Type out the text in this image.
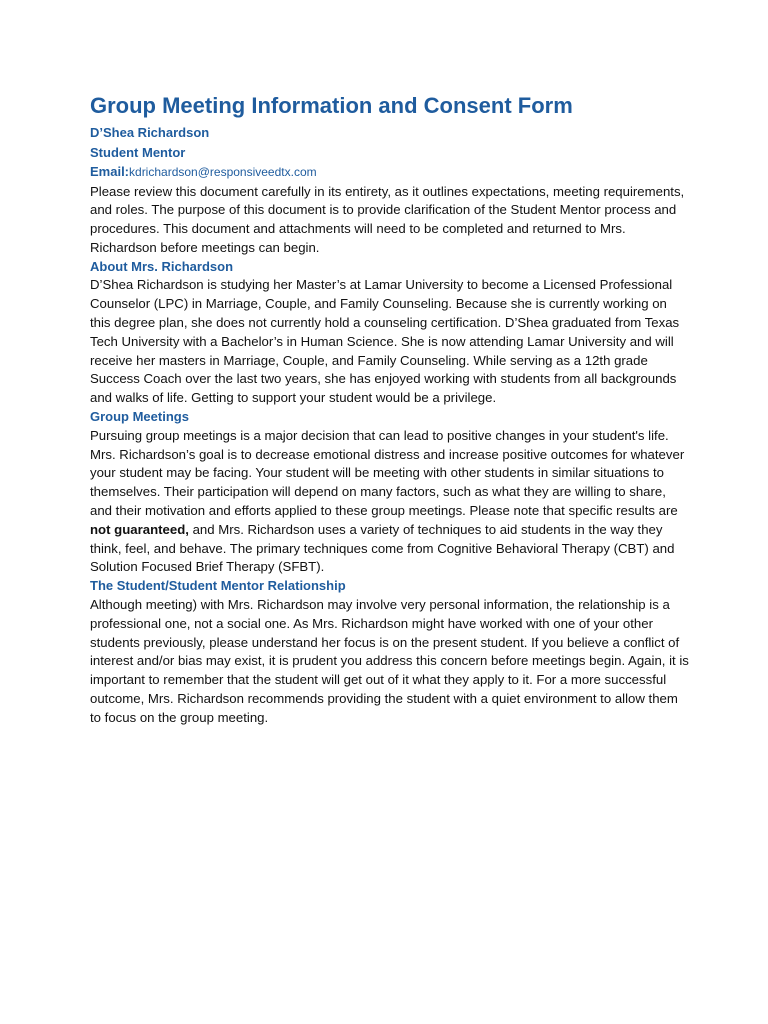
Group Meeting Information and Consent Form
D’Shea Richardson
Student Mentor
Email:kdrichardson@responsiveedtx.com

Please review this document carefully in its entirety, as it outlines expectations, meeting requirements, and roles. The purpose of this document is to provide clarification of the Student Mentor process and procedures. This document and attachments will need to be completed and returned to Mrs. Richardson before meetings can begin.

About Mrs. Richardson

D’Shea Richardson is studying her Master’s at Lamar University to become a Licensed Professional Counselor (LPC) in Marriage, Couple, and Family Counseling. Because she is currently working on this degree plan, she does not currently hold a counseling certification. D’Shea graduated from Texas Tech University with a Bachelor’s in Human Science. She is now attending Lamar University and will receive her masters in Marriage, Couple, and Family Counseling. While serving as a 12th grade Success Coach over the last two years, she has enjoyed working with students from all backgrounds and walks of life. Getting to support your student would be a privilege.

Group Meetings

Pursuing group meetings is a major decision that can lead to positive changes in your student's life. Mrs. Richardson’s goal is to decrease emotional distress and increase positive outcomes for whatever your student may be facing. Your student will be meeting with other students in similar situations to themselves. Their participation will depend on many factors, such as what they are willing to share, and their motivation and efforts applied to these group meetings. Please note that specific results are not guaranteed, and Mrs. Richardson uses a variety of techniques to aid students in the way they think, feel, and behave. The primary techniques come from Cognitive Behavioral Therapy (CBT) and Solution Focused Brief Therapy (SFBT).

The Student/Student Mentor Relationship

Although meeting) with Mrs. Richardson may involve very personal information, the relationship is a professional one, not a social one. As Mrs. Richardson might have worked with one of your other students previously, please understand her focus is on the present student. If you believe a conflict of interest and/or bias may exist, it is prudent you address this concern before meetings begin. Again, it is important to remember that the student will get out of it what they apply to it. For a more successful outcome, Mrs. Richardson recommends providing the student with a quiet environment to allow them to focus on the group meeting.
